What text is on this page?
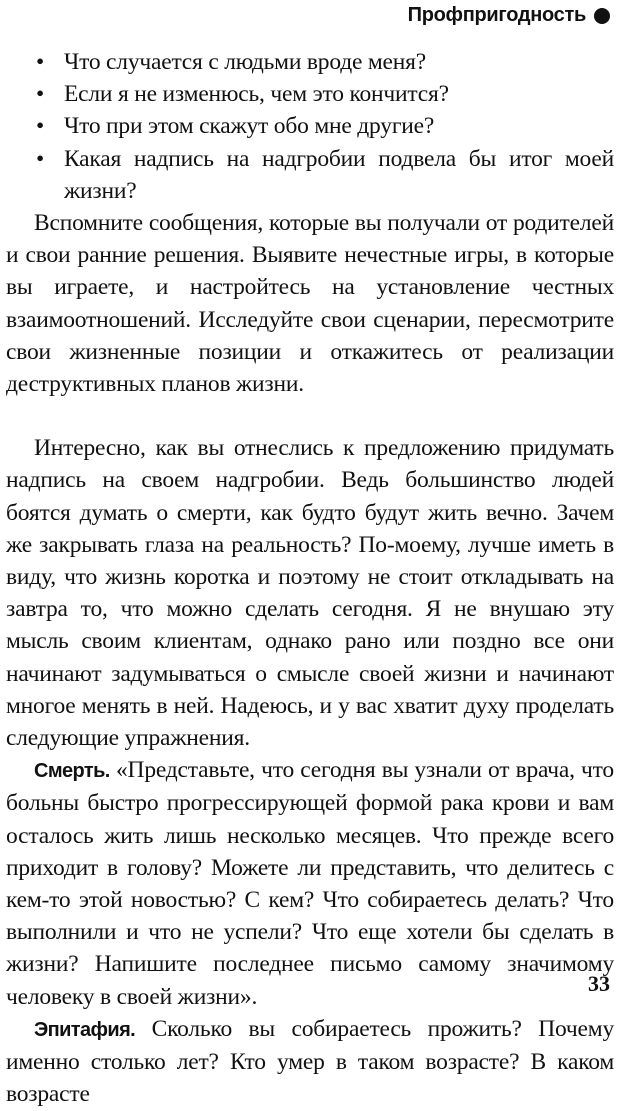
Профпригодность
• Что случается с людьми вроде меня?
• Если я не изменюсь, чем это кончится?
• Что при этом скажут обо мне другие?
• Какая надпись на надгробии подвела бы итог моей жизни?

Вспомните сообщения, которые вы получали от родителей и свои ранние решения. Выявите нечестные игры, в которые вы играете, и настройтесь на установление честных взаимоотношений. Исследуйте свои сценарии, пересмотрите свои жизненные позиции и откажитесь от реализации деструктивных планов жизни.

Интересно, как вы отнеслись к предложению придумать надпись на своем надгробии. Ведь большинство людей боятся думать о смерти, как будто будут жить вечно. Зачем же закрывать глаза на реальность? По-моему, лучше иметь в виду, что жизнь коротка и поэтому не стоит откладывать на завтра то, что можно сделать сегодня. Я не внушаю эту мысль своим клиентам, однако рано или поздно все они начинают задумываться о смысле своей жизни и начинают многое менять в ней. Надеюсь, и у вас хватит духу проделать следующие упражнения.

Смерть. «Представьте, что сегодня вы узнали от врача, что больны быстро прогрессирующей формой рака крови и вам осталось жить лишь несколько месяцев. Что прежде всего приходит в голову? Можете ли представить, что делитесь с кем-то этой новостью? С кем? Что собираетесь делать? Что выполнили и что не успели? Что еще хотели бы сделать в жизни? Напишите последнее письмо самому значимому человеку в своей жизни».

Эпитафия. Сколько вы собираетесь прожить? Почему именно столько лет? Кто умер в таком возрасте? В каком возрасте

33
